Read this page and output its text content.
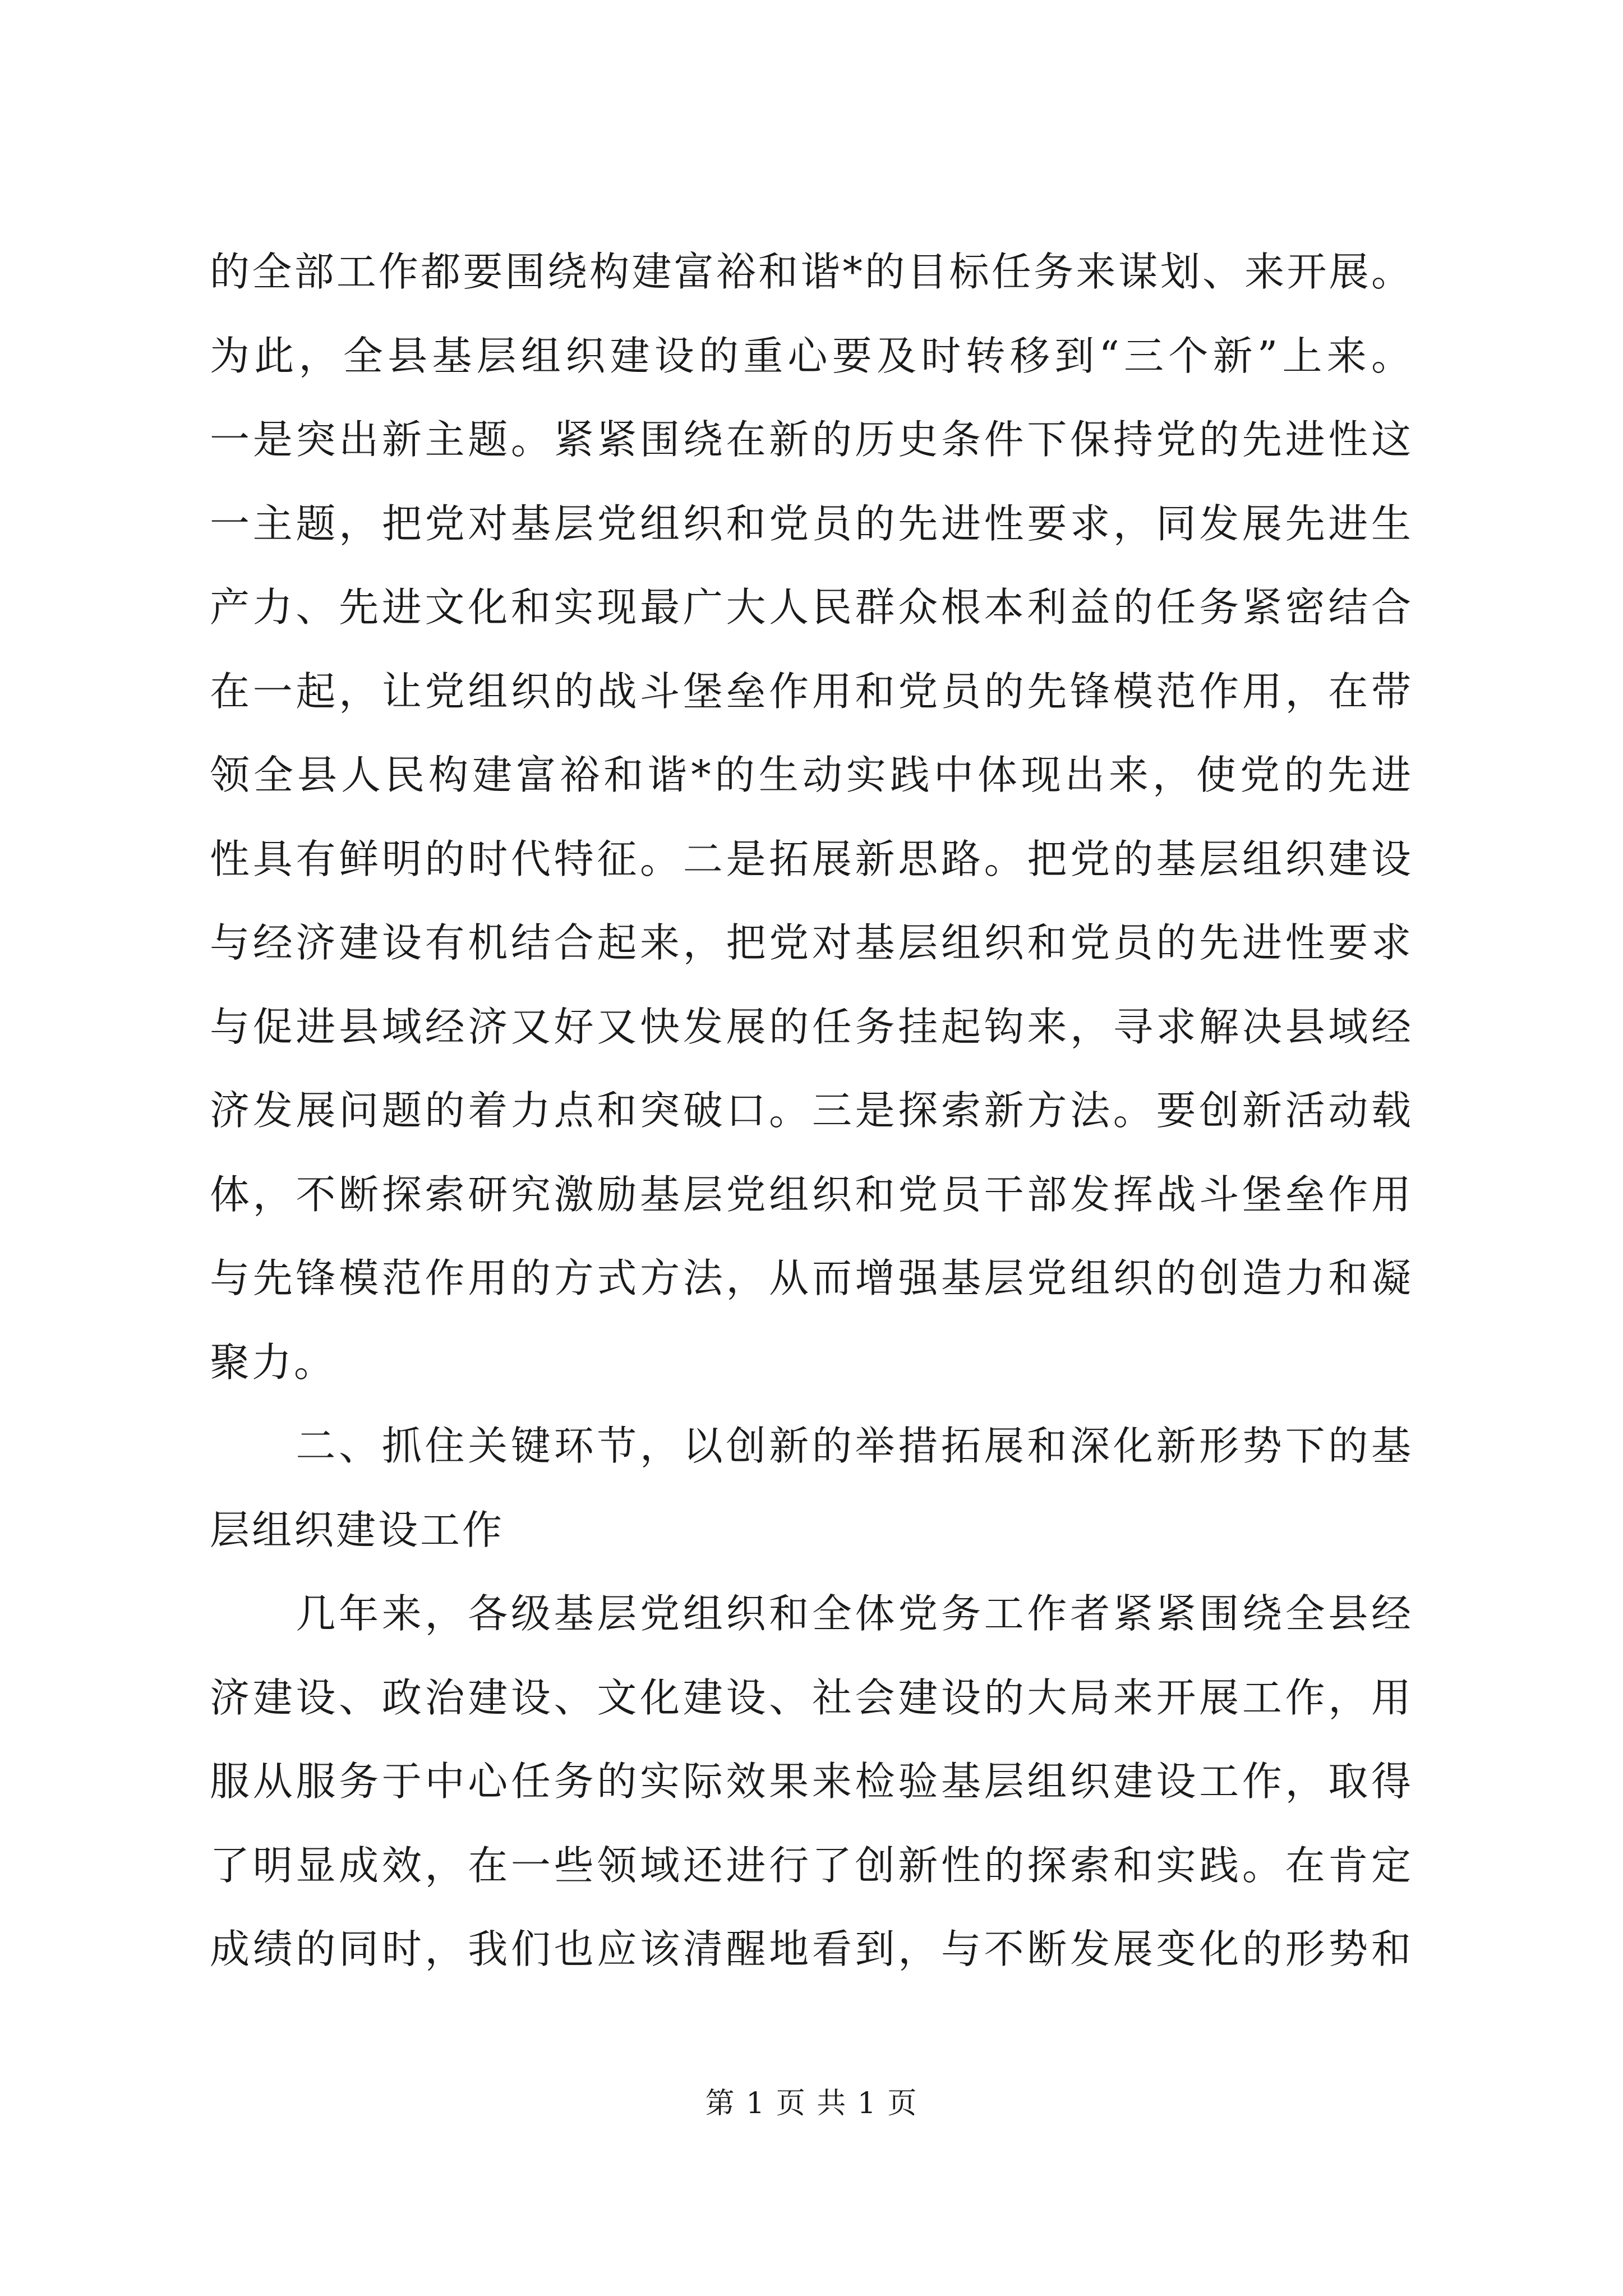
的全部工作都要围绕构建富裕和谐*的目标任务来谋划、来开展。
为此，全县基层组织建设的重心要及时转移到“三个新”上来。
一是突出新主题。紧紧围绕在新的历史条件下保持党的先进性这
一主题，把党对基层党组织和党员的先进性要求，同发展先进生
产力、先进文化和实现最广大人民群众根本利益的任务紧密结合
在一起，让党组织的战斗堡垒作用和党员的先锋模范作用，在带
领全县人民构建富裕和谐*的生动实践中体现出来，使党的先进
性具有鲜明的时代特征。二是拓展新思路。把党的基层组织建设
与经济建设有机结合起来，把党对基层组织和党员的先进性要求
与促进县域经济又好又快发展的任务挂起钩来，寻求解决县域经
济发展问题的着力点和突破口。三是探索新方法。要创新活动载
体，不断探索研究激励基层党组织和党员干部发挥战斗堡垒作用
与先锋模范作用的方式方法，从而增强基层党组织的创造力和凝
聚力。
　　二、抓住关键环节，以创新的举措拓展和深化新形势下的基
层组织建设工作
　　几年来，各级基层党组织和全体党务工作者紧紧围绕全县经
济建设、政治建设、文化建设、社会建设的大局来开展工作，用
服从服务于中心任务的实际效果来检验基层组织建设工作，取得
了明显成效，在一些领域还进行了创新性的探索和实践。在肯定
成绩的同时，我们也应该清醒地看到，与不断发展变化的形势和
第 1 页 共 1 页
